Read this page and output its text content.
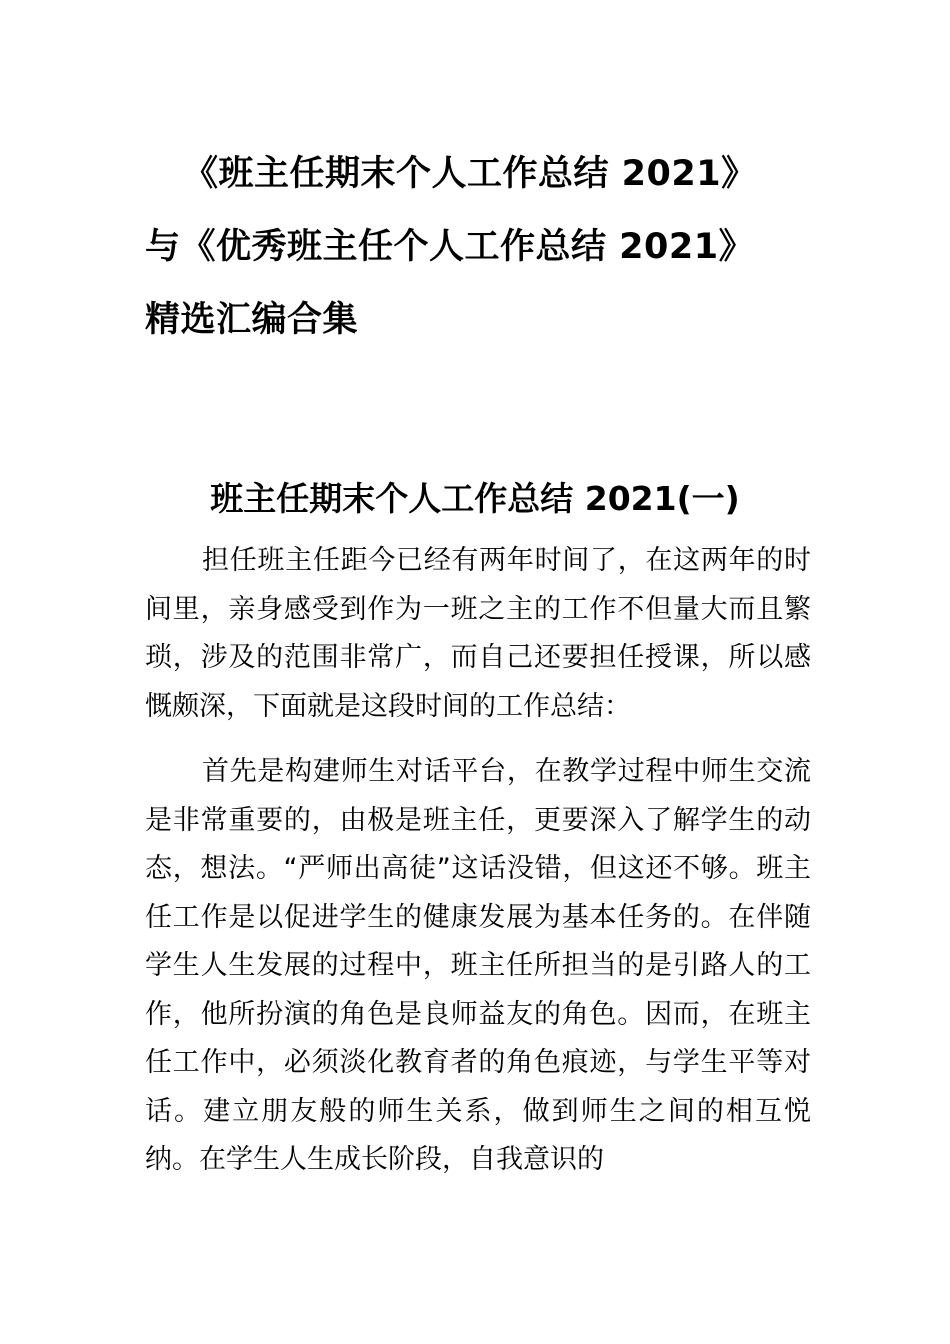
《班主任期末个人工作总结 2021》
与《优秀班主任个人工作总结 2021》
精选汇编合集
班主任期末个人工作总结 2021(一)

担任班主任距今已经有两年时间了，在这两年的时间里，亲身感受到作为一班之主的工作不但量大而且繁琐，涉及的范围非常广，而自己还要担任授课，所以感慨颇深，下面就是这段时间的工作总结：

首先是构建师生对话平台，在教学过程中师生交流是非常重要的，由极是班主任，更要深入了解学生的动态，想法。“严师出高徒”这话没错，但这还不够。班主任工作是以促进学生的健康发展为基本任务的。在伴随学生人生发展的过程中，班主任所担当的是引路人的工作，他所扮演的角色是良师益友的角色。因而，在班主任工作中，必须淡化教育者的角色痕迹，与学生平等对话。建立朋友般的师生关系，做到师生之间的相互悦纳。在学生人生成长阶段，自我意识的
